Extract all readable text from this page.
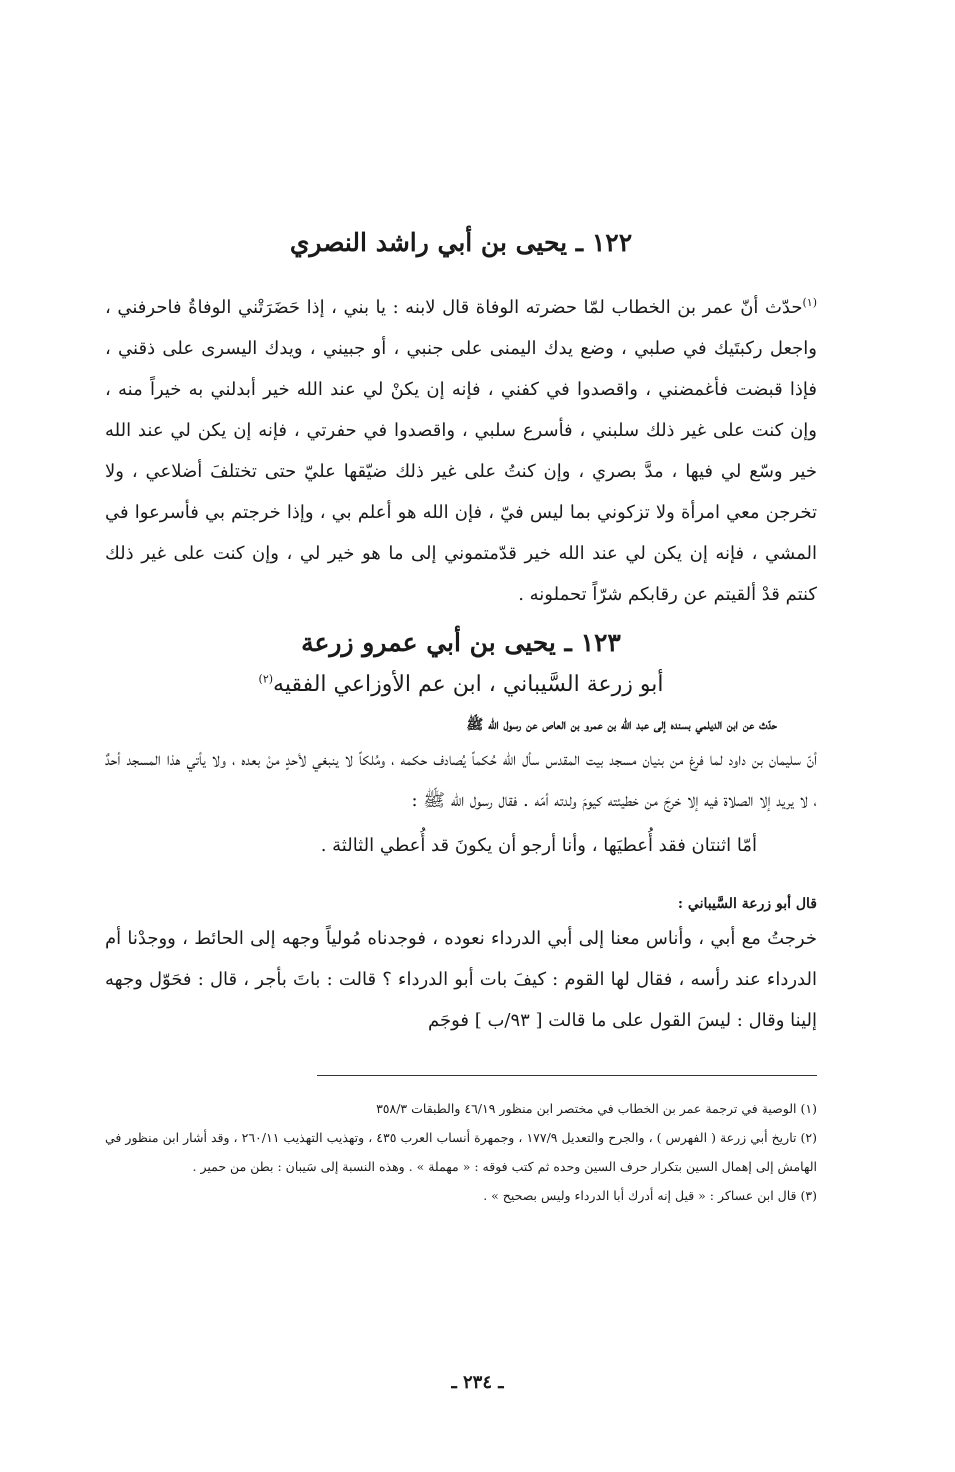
١٢٢ ـ يحيى بن أبي راشد النصري

$^{(١)}$حدّث أنّ عمر بن الخطاب لمّا حضرته الوفاة قال لابنه : يا بني ، إذا حَضَرَتْني الوفاةُ فاحرفني ، واجعل ركبتَيك في صلبي ، وضع يدك اليمنى على جنبي ، أو جبيني ، ويدك اليسرى على ذقني ، فإذا قبضت فأغمضني ، واقصدوا في كفني ، فإنه إن يكنْ لي عند الله خير أبدلني به خيراً منه ، وإن كنت على غير ذلك سلبني ، فأسرع سلبي ، واقصدوا في حفرتي ، فإنه إن يكن لي عند الله خير وسّع لي فيها ، مدَّ بصري ، وإن كنتُ على غير ذلك ضيّقها عليّ حتى تختلفَ أضلاعي ، ولا تخرجن معي امرأة ولا تزكوني بما ليس فيّ ، فإن الله هو أعلم بي ، وإذا خرجتم بي فأسرعوا في المشي ، فإنه إن يكن لي عند الله خير قدّمتموني إلى ما هو خير لي ، وإن كنت على غير ذلك كنتم قدْ ألقيتم عن رقابكم شرّاً تحملونه .

١٢٣ ـ يحيى بن أبي عمرو زرعة
أبو زرعة السَّيباني ، ابن عم الأوزاعي الفقيه$^{(٢)}$

حدّث عن ابن الديلمي بسنده إلى عبد الله بن عمرو بن العاص عن رسول الله ﷺ

أنّ سليمان بن داود لما فرغ من بنيان مسجد بيت المقدس سأل الله حُكماً يُصادف حكمه ، ومُلكاً لا ينبغي لأحدٍ منْ بعده ، ولا يأتي هذا المسجد أحدٌ ، لا يريد إلا الصلاة فيه إلا خرجَ من خطيئته كيومَ ولدته أمّه . فقال رسول الله ﷺ :

أمّا اثنتان فقد أُعطيَها ، وأنا أرجو أن يكونَ قد أُعطي الثالثة .

قال أبو زرعة السَّيباني :

خرجتُ مع أبي ، وأناس معنا إلى أبي الدرداء نعوده ، فوجدناه مُولياً وجهه إلى الحائط ، ووجدْنا أم الدرداء عند رأسه ، فقال لها القوم : كيفَ بات أبو الدرداء ؟ قالت : باتَ بأجر ، قال : فحَوّل وجهه إلينا وقال : ليسَ القول على ما قالت [ ٩٣/ب ] فوجَم

(١) الوصية في ترجمة عمر بن الخطاب في مختصر ابن منظور ٤٦/١٩ والطبقات ٣٥٨/٣

(٢) تاريخ أبي زرعة ( الفهرس ) ، والجرح والتعديل ١٧٧/٩ ، وجمهرة أنساب العرب ٤٣٥ ، وتهذيب التهذيب ٢٦٠/١١ ، وقد أشار ابن منظور في الهامش إلى إهمال السين بتكرار حرف السين وحده ثم كتب فوقه : « مهملة » . وهذه النسبة إلى سَيبان : بطن من حمير .

(٣) قال ابن عساكر : « قيل إنه أدرك أبا الدرداء وليس بصحيح » .

ـ ٢٣٤ ـ
